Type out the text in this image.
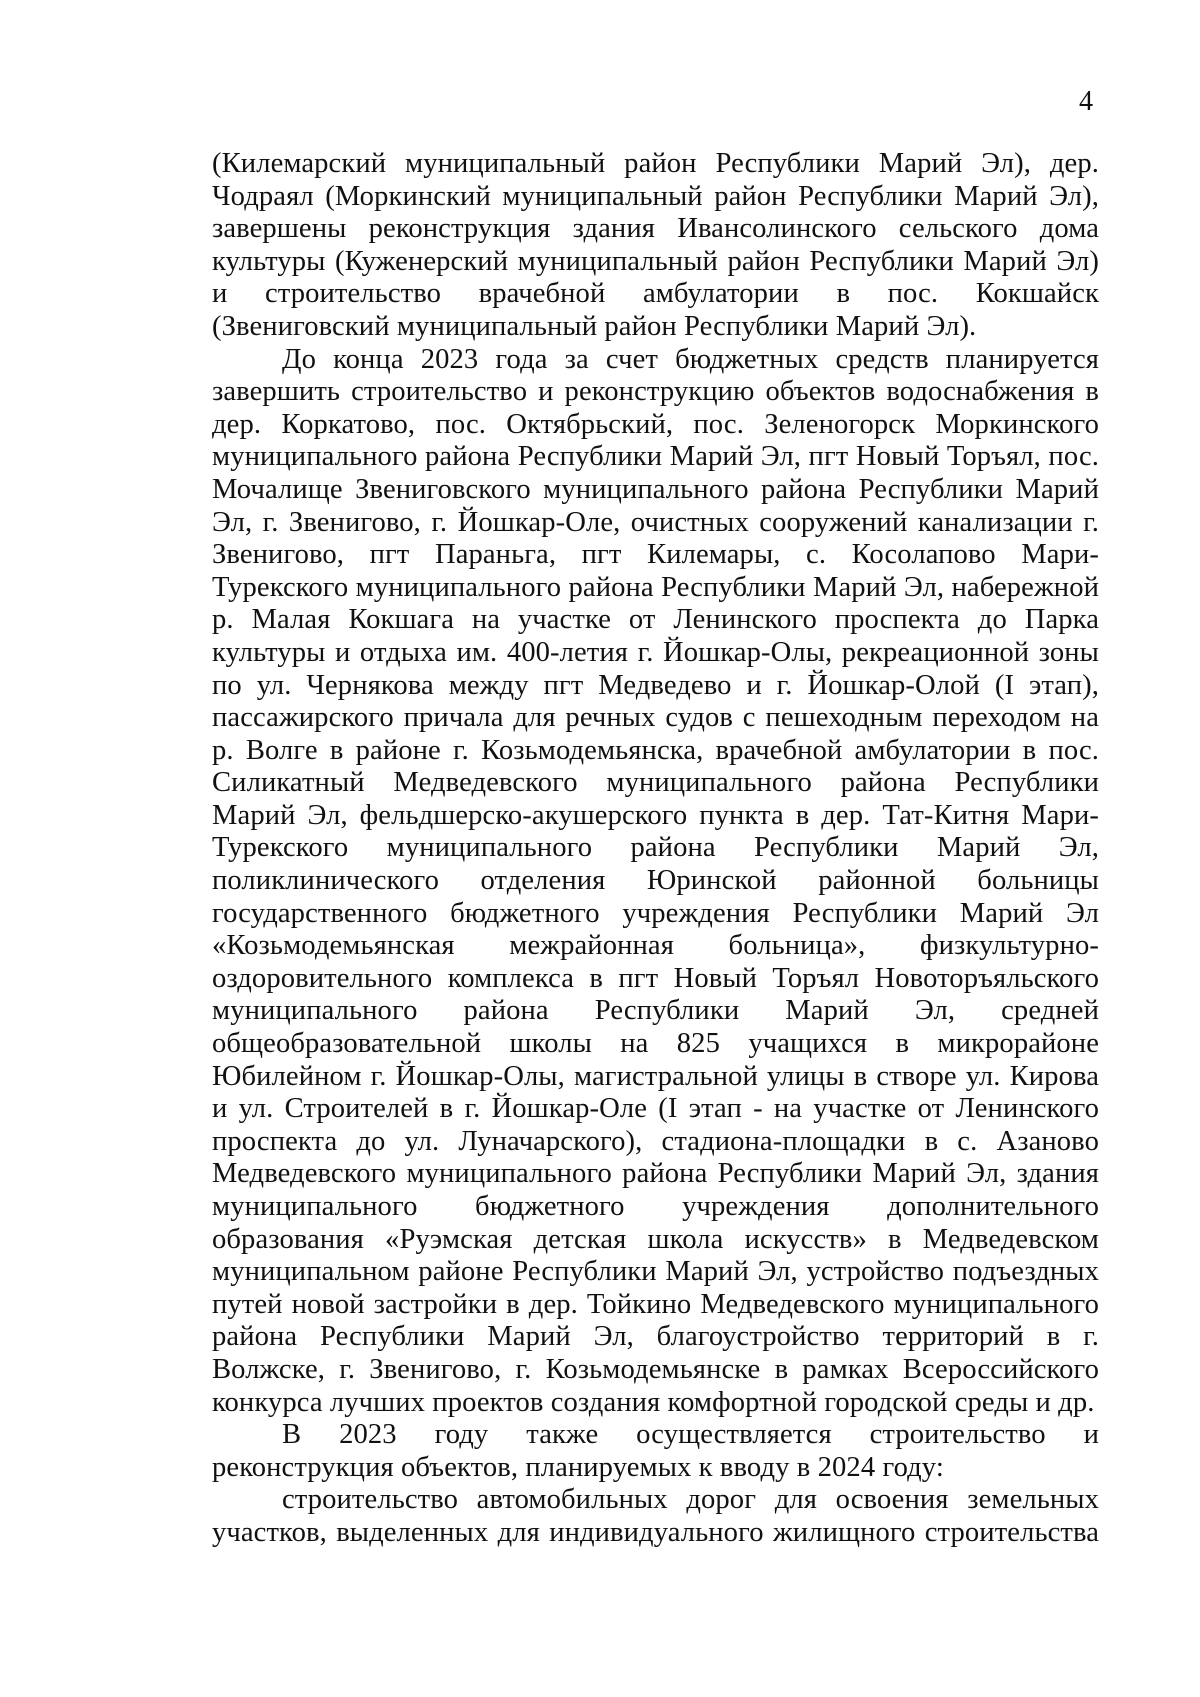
4

(Килемарский муниципальный район Республики Марий Эл), дер. Чодраял (Моркинский муниципальный район Республики Марий Эл), завершены реконструкция здания Ивансолинского сельского дома культуры (Куженерский муниципальный район Республики Марий Эл) и строительство врачебной амбулатории в пос. Кокшайск (Звениговский муниципальный район Республики Марий Эл).

До конца 2023 года за счет бюджетных средств планируется завершить строительство и реконструкцию объектов водоснабжения в дер. Коркатово, пос. Октябрьский, пос. Зеленогорск Моркинского муниципального района Республики Марий Эл, пгт Новый Торъял, пос. Мочалище Звениговского муниципального района Республики Марий Эл, г. Звенигово, г. Йошкар-Оле, очистных сооружений канализации г. Звенигово, пгт Параньга, пгт Килемары, с. Косолапово Мари-Турекского муниципального района Республики Марий Эл, набережной р. Малая Кокшага на участке от Ленинского проспекта до Парка культуры и отдыха им. 400-летия г. Йошкар-Олы, рекреационной зоны по ул. Чернякова между пгт Медведево и г. Йошкар-Олой (I этап), пассажирского причала для речных судов с пешеходным переходом на р. Волге в районе г. Козьмодемьянска, врачебной амбулатории в пос. Силикатный Медведевского муниципального района Республики Марий Эл, фельдшерско-акушерского пункта в дер. Тат-Китня Мари-Турекского муниципального района Республики Марий Эл, поликлинического отделения Юринской районной больницы государственного бюджетного учреждения Республики Марий Эл «Козьмодемьянская межрайонная больница», физкультурно-оздоровительного комплекса в пгт Новый Торъял Новоторъяльского муниципального района Республики Марий Эл, средней общеобразовательной школы на 825 учащихся в микрорайоне Юбилейном г. Йошкар-Олы, магистральной улицы в створе ул. Кирова и ул. Строителей в г. Йошкар-Оле (I этап - на участке от Ленинского проспекта до ул. Луначарского), стадиона-площадки в с. Азаново Медведевского муниципального района Республики Марий Эл, здания муниципального бюджетного учреждения дополнительного образования «Руэмская детская школа искусств» в Медведевском муниципальном районе Республики Марий Эл, устройство подъездных путей новой застройки в дер. Тойкино Медведевского муниципального района Республики Марий Эл, благоустройство территорий в г. Волжске, г. Звенигово, г. Козьмодемьянске в рамках Всероссийского конкурса лучших проектов создания комфортной городской среды и др.

В 2023 году также осуществляется строительство и реконструкция объектов, планируемых к вводу в 2024 году:

строительство автомобильных дорог для освоения земельных участков, выделенных для индивидуального жилищного строительства
